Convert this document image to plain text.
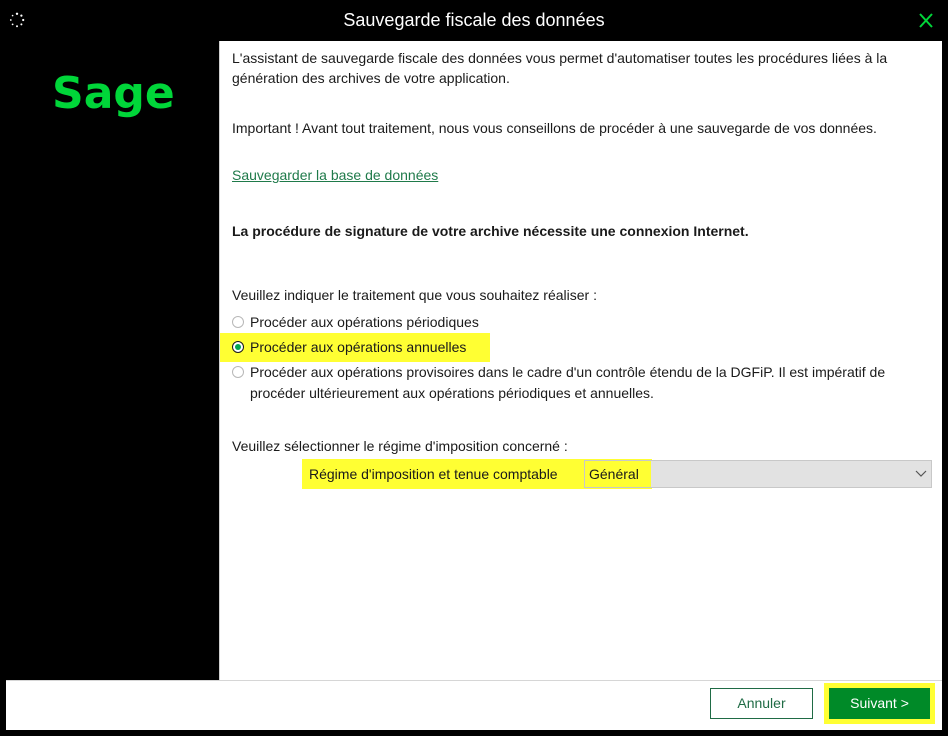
Sauvegarde fiscale des données
Sage
L'assistant de sauvegarde fiscale des données vous permet d'automatiser toutes les procédures liées à la génération des archives de votre application.
Important ! Avant tout traitement, nous vous conseillons de procéder à une sauvegarde de vos données.
Sauvegarder la base de données
La procédure de signature de votre archive nécessite une connexion Internet.
Veuillez indiquer le traitement que vous souhaitez réaliser :
Procéder aux opérations périodiques
Procéder aux opérations annuelles
Procéder aux opérations provisoires dans le cadre d'un contrôle étendu de la DGFiP. Il est impératif de procéder ultérieurement aux opérations périodiques et annuelles.
Veuillez sélectionner le régime d'imposition concerné :
Régime d'imposition et tenue comptable Général
Annuler	Suivant >
